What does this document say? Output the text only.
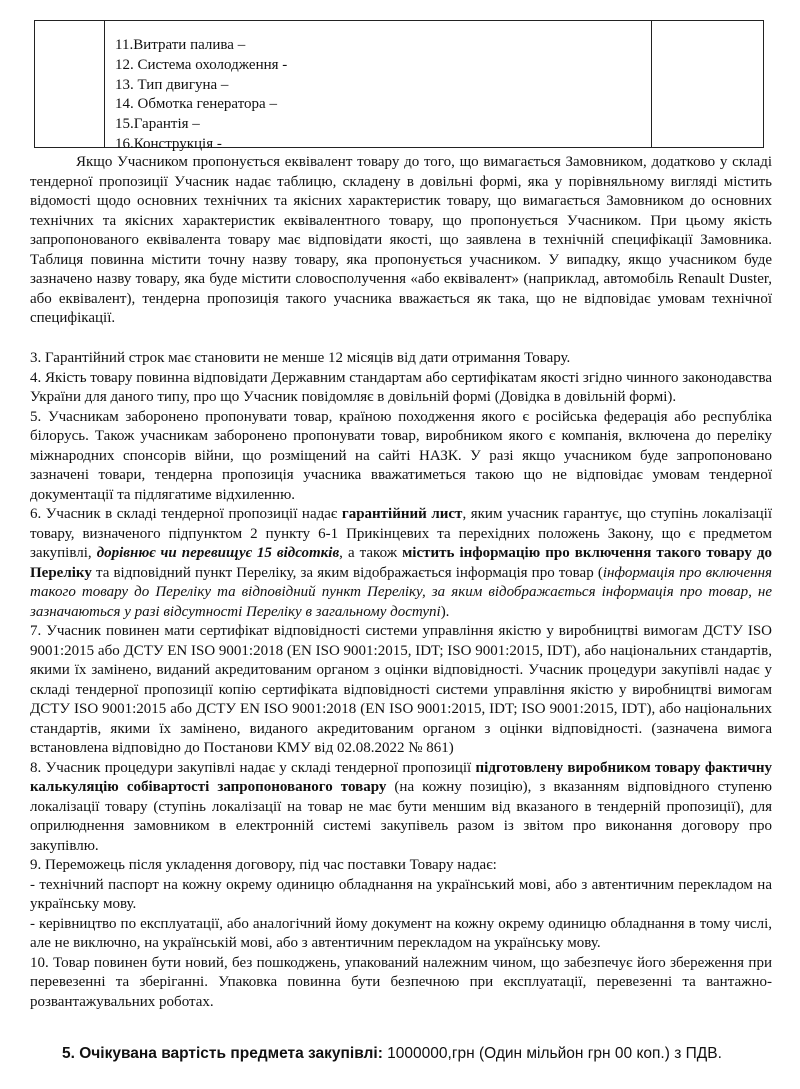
11.Витрати палива –
12. Система охолодження -
13. Тип двигуна –
14. Обмотка генератора –
15.Гарантія –
16.Конструкція -

Якщо Учасником пропонується еквівалент товару до того, що вимагається Замовником, додатково у складі тендерної пропозиції Учасник надає таблицю, складену в довільні формі, яка у порівняльному вигляді містить відомості щодо основних технічних та якісних характеристик товару, що вимагається Замовником до основних технічних та якісних характеристик еквівалентного товару, що пропонується Учасником. При цьому якість запропонованого еквівалента товару має відповідати якості, що заявлена в технічній специфікації Замовника. Таблиця повинна містити точну назву товару, яка пропонується учасником. У випадку, якщо учасником буде зазначено назву товару, яка буде містити словосполучення «або еквівалент» (наприклад, автомобіль Renault Duster, або еквівалент), тендерна пропозиція такого учасника вважається як така, що не відповідає умовам технічної специфікації.

3. Гарантійний строк має становити не менше 12 місяців від дати отримання Товару.

4. Якість товару повинна відповідати Державним стандартам або сертифікатам якості згідно чинного законодавства України для даного типу, про що Учасник повідомляє в довільній формі (Довідка в довільній формі).

5. Учасникам заборонено пропонувати товар, країною походження якого є російська федерація або республіка білорусь. Також учасникам заборонено пропонувати товар, виробником якого є компанія, включена до переліку міжнародних спонсорів війни, що розміщений на сайті НАЗК. У разі якщо учасником буде запропоновано зазначені товари, тендерна пропозиція учасника вважатиметься такою що не відповідає умовам тендерної документації та підлягатиме відхиленню.

6. Учасник в складі тендерної пропозиції надає гарантійний лист, яким учасник гарантує, що ступінь локалізації товару, визначеного підпунктом 2 пункту 6-1 Прикінцевих та перехідних положень Закону, що є предметом закупівлі, дорівнює чи перевищує 15 відсотків, а також містить інформацію про включення такого товару до Переліку та відповідний пункт Переліку, за яким відображається інформація про товар (інформація про включення такого товару до Переліку та відповідний пункт Переліку, за яким відображається інформація про товар, не зазначаються у разі відсутності Переліку в загальному доступі).

7. Учасник повинен мати сертифікат відповідності системи управління якістю у виробництві вимогам ДСТУ ISO 9001:2015 або ДСТУ EN ISO 9001:2018 (EN ISO 9001:2015, IDT; ISO 9001:2015, IDT), або національних стандартів, якими їх замінено, виданий акредитованим органом з оцінки відповідності. Учасник процедури закупівлі надає у складі тендерної пропозиції копію сертифіката відповідності системи управління якістю у виробництві вимогам ДСТУ ISO 9001:2015 або ДСТУ EN ISO 9001:2018 (EN ISO 9001:2015, IDT; ISO 9001:2015, IDT), або національних стандартів, якими їх замінено, виданого акредитованим органом з оцінки відповідності. (зазначена вимога встановлена відповідно до Постанови КМУ від 02.08.2022 № 861)

8. Учасник процедури закупівлі надає у складі тендерної пропозиції підготовлену виробником товару фактичну калькуляцію собівартості запропонованого товару (на кожну позицію), з вказанням відповідного ступеню локалізації товару (ступінь локалізації на товар не має бути меншим від вказаного в тендерній пропозиції), для оприлюднення замовником в електронній системі закупівель разом із звітом про виконання договору про закупівлю.

9. Переможець після укладення договору, під час поставки Товару надає:

- технічний паспорт на кожну окрему одиницю обладнання на український мові, або з автентичним перекладом на українську мову.

- керівництво по експлуатації, або аналогічний йому документ на кожну окрему одиницю обладнання в тому числі, але не виключно, на українській мові, або з автентичним перекладом на українську мову.

10. Товар повинен бути новий, без пошкоджень, упакований належним чином, що забезпечує його збереження при перевезенні та зберіганні. Упаковка повинна бути безпечною при експлуатації, перевезенні та вантажно-розвантажувальних роботах.

5. Очікувана вартість предмета закупівлі: 1000000,грн (Один мільйон грн 00 коп.) з ПДВ.
